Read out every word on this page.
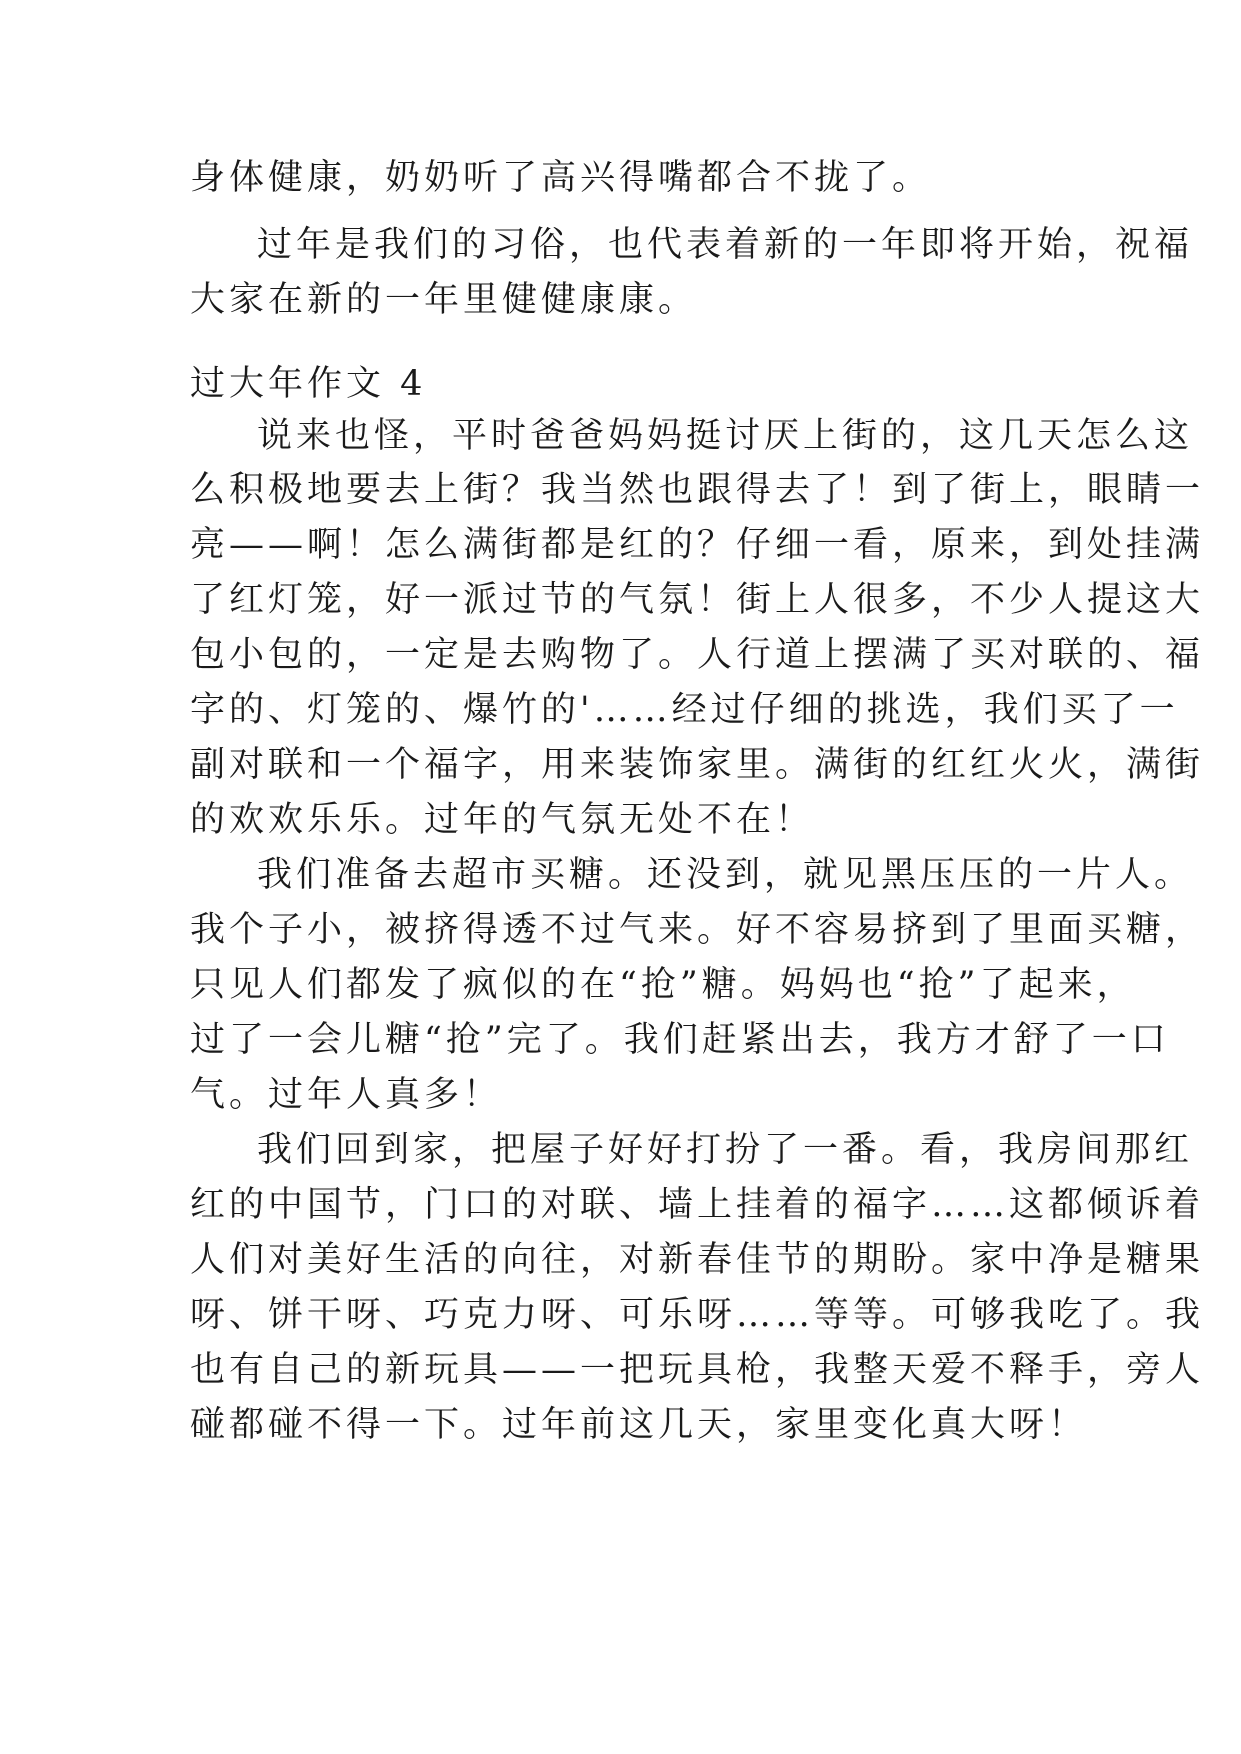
身体健康，奶奶听了高兴得嘴都合不拢了。
过年是我们的习俗，也代表着新的一年即将开始，祝福
大家在新的一年里健健康康。
过大年作文 4
说来也怪，平时爸爸妈妈挺讨厌上街的，这几天怎么这
么积极地要去上街？我当然也跟得去了！到了街上，眼睛一
亮——啊！怎么满街都是红的？仔细一看，原来，到处挂满
了红灯笼，好一派过节的气氛！街上人很多，不少人提这大
包小包的，一定是去购物了。人行道上摆满了买对联的、福
字的、灯笼的、爆竹的'……经过仔细的挑选，我们买了一
副对联和一个福字，用来装饰家里。满街的红红火火，满街
的欢欢乐乐。过年的气氛无处不在！
我们准备去超市买糖。还没到，就见黑压压的一片人。
我个子小，被挤得透不过气来。好不容易挤到了里面买糖，
只见人们都发了疯似的在“抢”糖。妈妈也“抢”了起来，
过了一会儿糖“抢”完了。我们赶紧出去，我方才舒了一口
气。过年人真多！
我们回到家，把屋子好好打扮了一番。看，我房间那红
红的中国节，门口的对联、墙上挂着的福字……这都倾诉着
人们对美好生活的向往，对新春佳节的期盼。家中净是糖果
呀、饼干呀、巧克力呀、可乐呀……等等。可够我吃了。我
也有自己的新玩具——一把玩具枪，我整天爱不释手，旁人
碰都碰不得一下。过年前这几天，家里变化真大呀！
